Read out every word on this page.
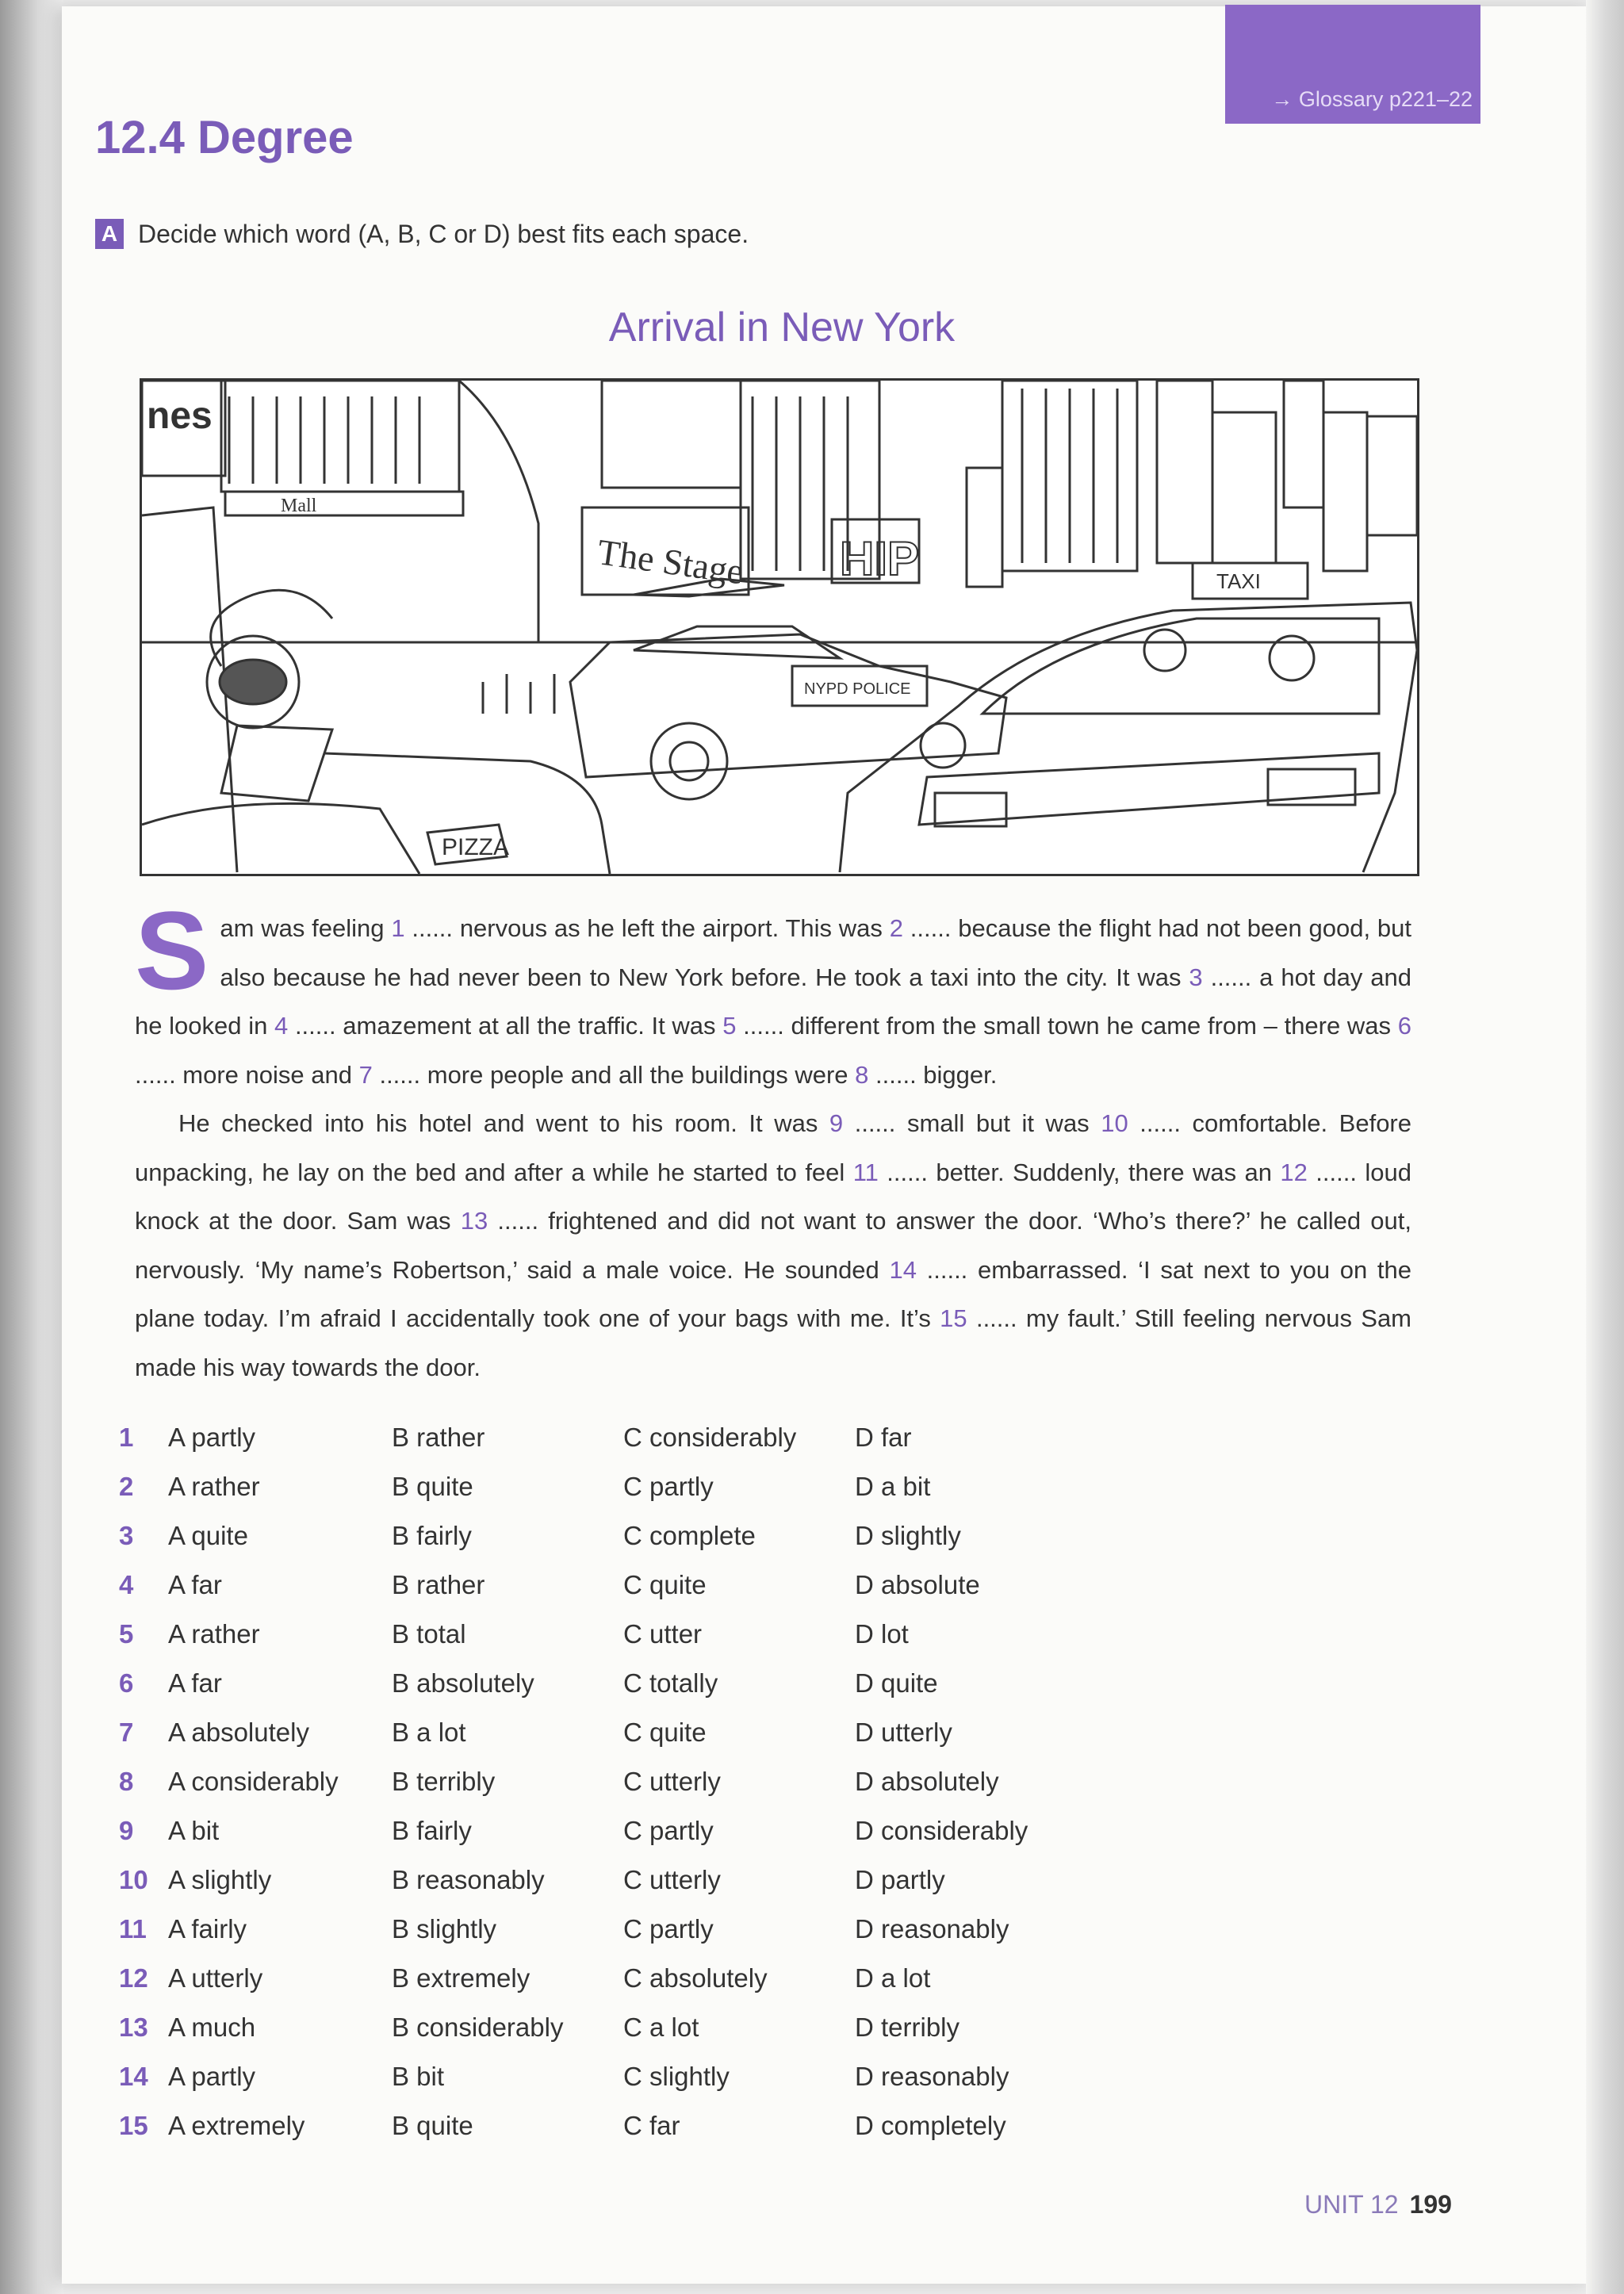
→ Glossary p221–22
12.4 Degree
A Decide which word (A, B, C or D) best fits each space.
Arrival in New York
nes
Mall
The Stage HIP	TAXI
PIZZA
NYPD POLICE

S am was feeling 1 ...... nervous as he left the airport. This was 2 ...... because the flight had not been good, but also because he had never been to New York before. He took a taxi into the city. It was 3 ...... a hot day and he looked in 4 ...... amazement at all the traffic. It was 5 ...... different from the small town he came from – there was 6 ...... more noise and 7 ...... more people and all the buildings were 8 ...... bigger.

He checked into his hotel and went to his room. It was 9 ...... small but it was 10 ...... comfortable. Before unpacking, he lay on the bed and after a while he started to feel 11 ...... better. Suddenly, there was an 12 ...... loud knock at the door. Sam was 13 ...... frightened and did not want to answer the door. ‘Who’s there?’ he called out, nervously. ‘My name’s Robertson,’ said a male voice. He sounded 14 ...... embarrassed. ‘I sat next to you on the plane today. I’m afraid I accidentally took one of your bags with me. It’s 15 ...... my fault.’ Still feeling nervous Sam made his way towards the door.

1	A partly	B rather	C considerably	D far
2	A rather	B quite	C partly	D a bit
3	A quite	B fairly	C complete	D slightly
4	A far	B rather	C quite	D absolute
5	A rather	B total	C utter	D lot
6	A far	B absolutely	C totally	D quite
7	A absolutely	B a lot	C quite	D utterly
8	A considerably	B terribly	C utterly	D absolutely
9	A bit	B fairly	C partly	D considerably
10 A slightly	B reasonably	C utterly	D partly
11 A fairly	B slightly	C partly	D reasonably
12 A utterly	B extremely	C absolutely	D a lot
13 A much	B considerably	C a lot	D terribly
14 A partly	B bit	C slightly	D reasonably
15 A extremely	B quite	C far	D completely
UNIT 12 199
